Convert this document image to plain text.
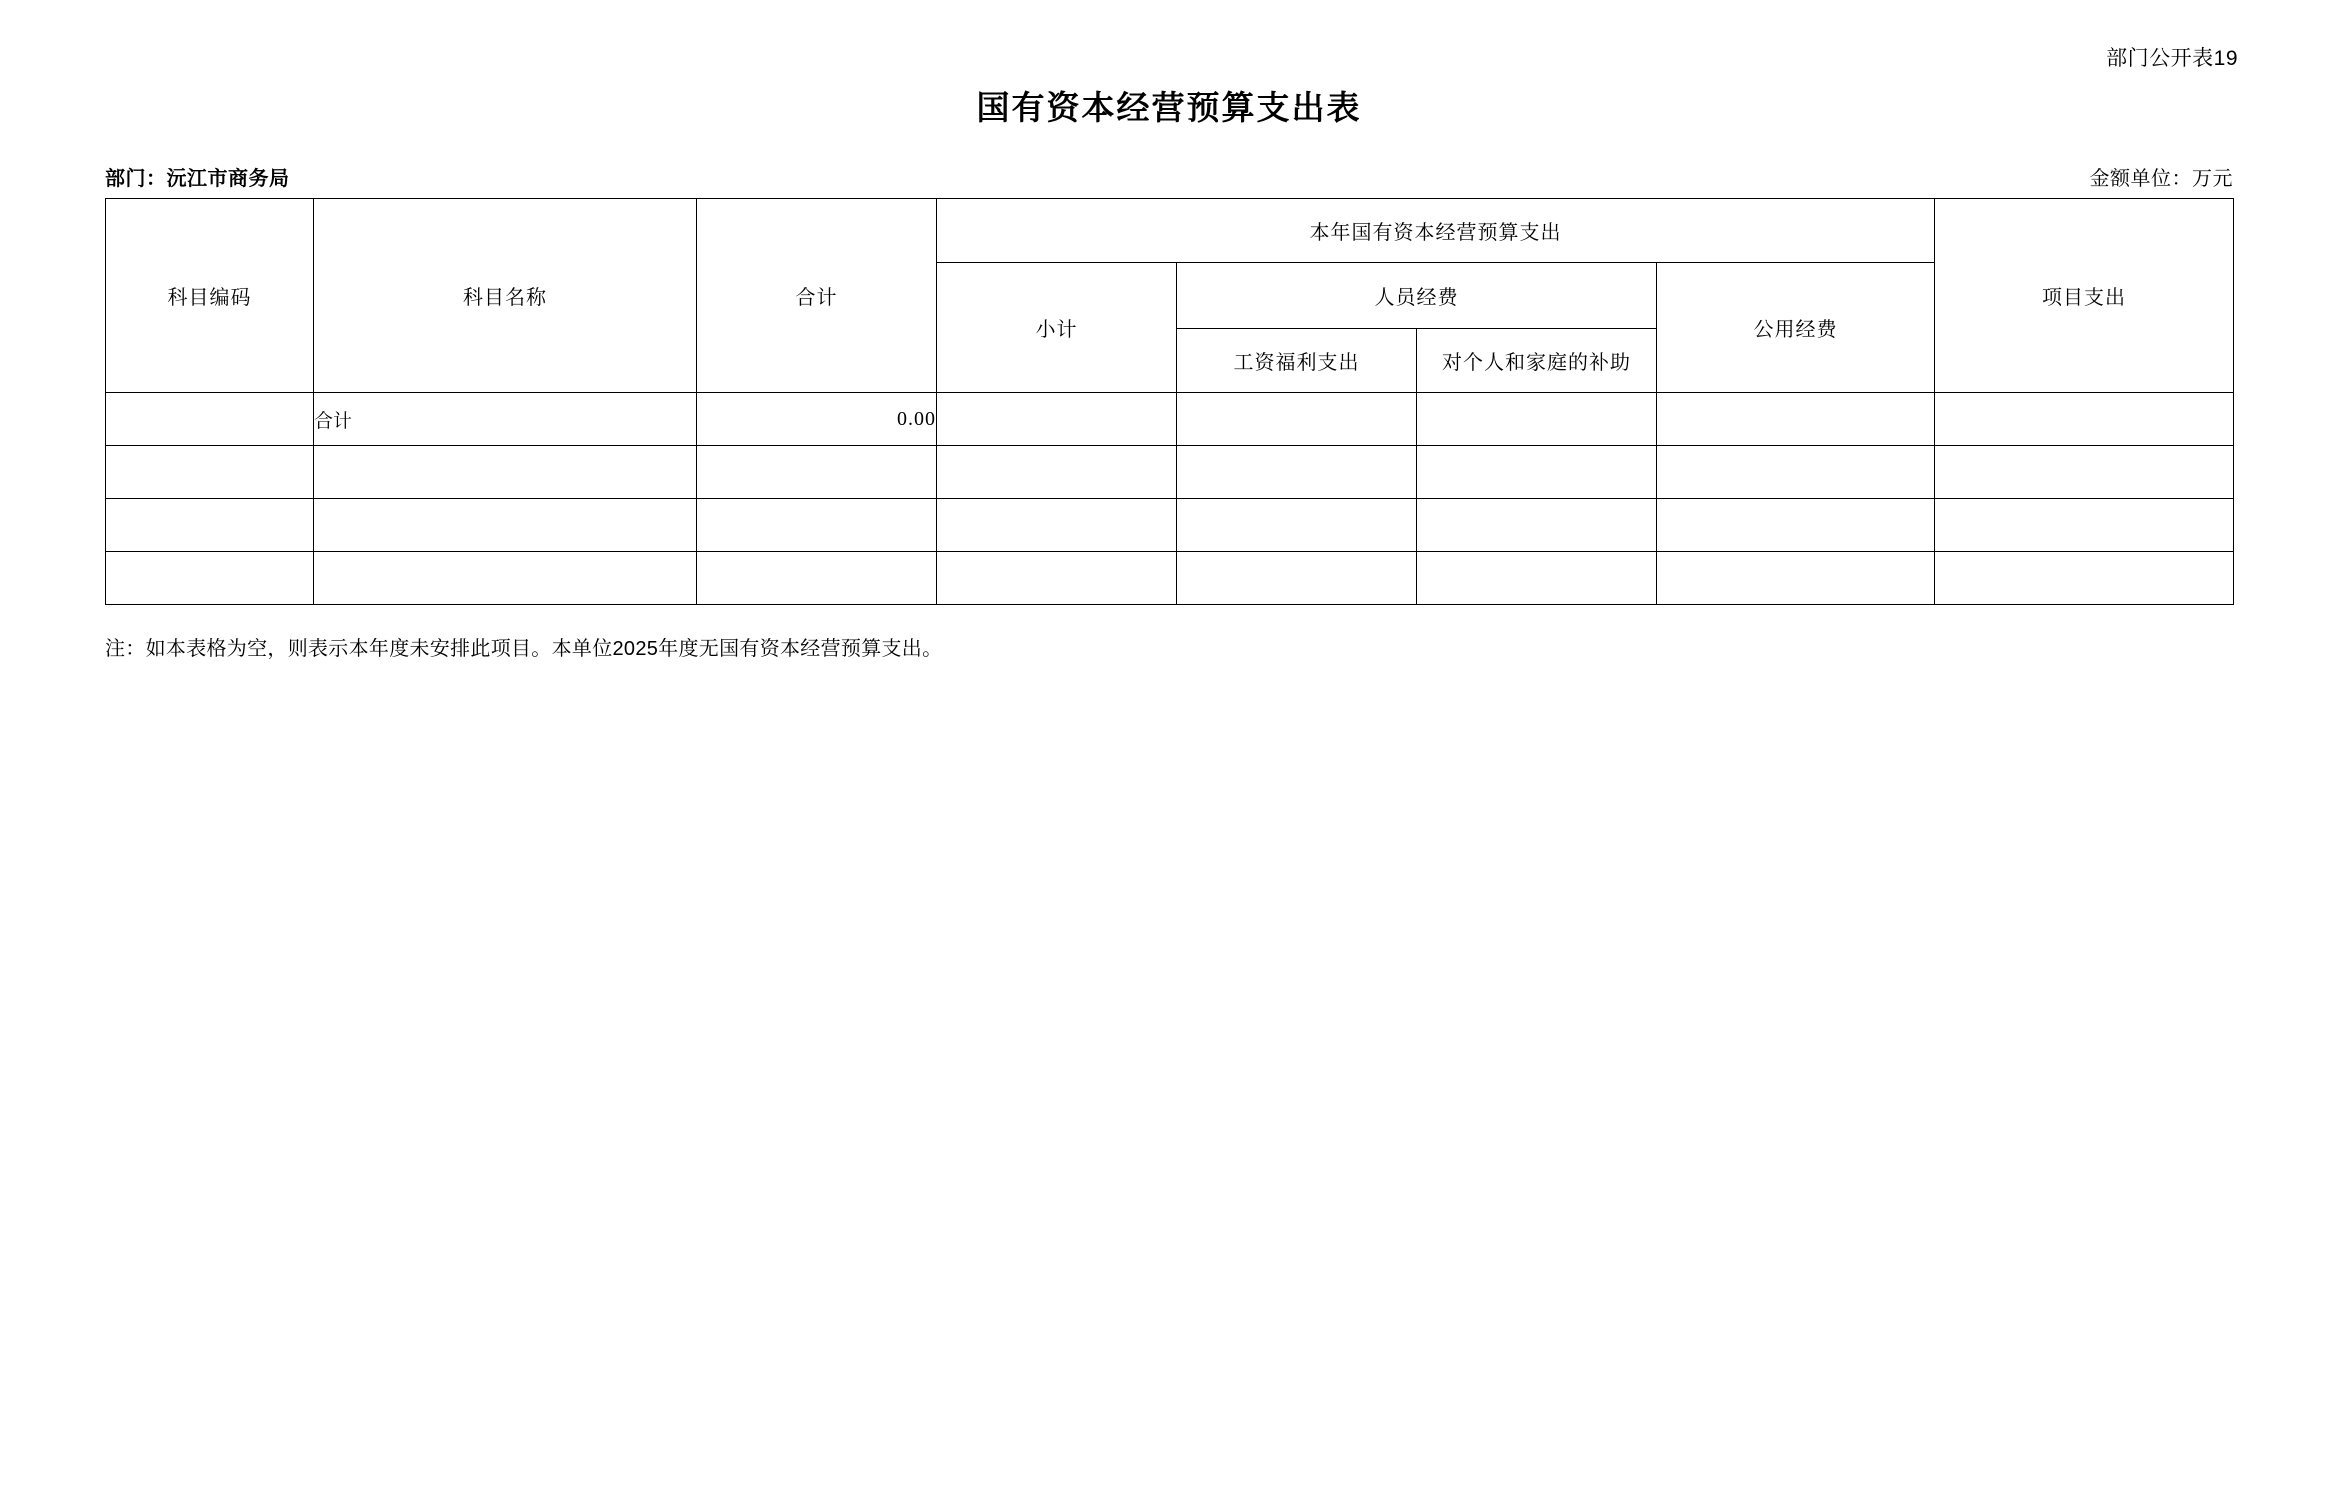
部门公开表19
国有资本经营预算支出表
部门：沅江市商务局	金额单位：万元
科目编码	科目名称	合计	本年国有资本经营预算支出				项目支出
			小计	人员经费		公用经费	
				工资福利支出	对个人和家庭的补助		
	合计	0.00					

注：如本表格为空，则表示本年度未安排此项目。本单位2025年度无国有资本经营预算支出。
